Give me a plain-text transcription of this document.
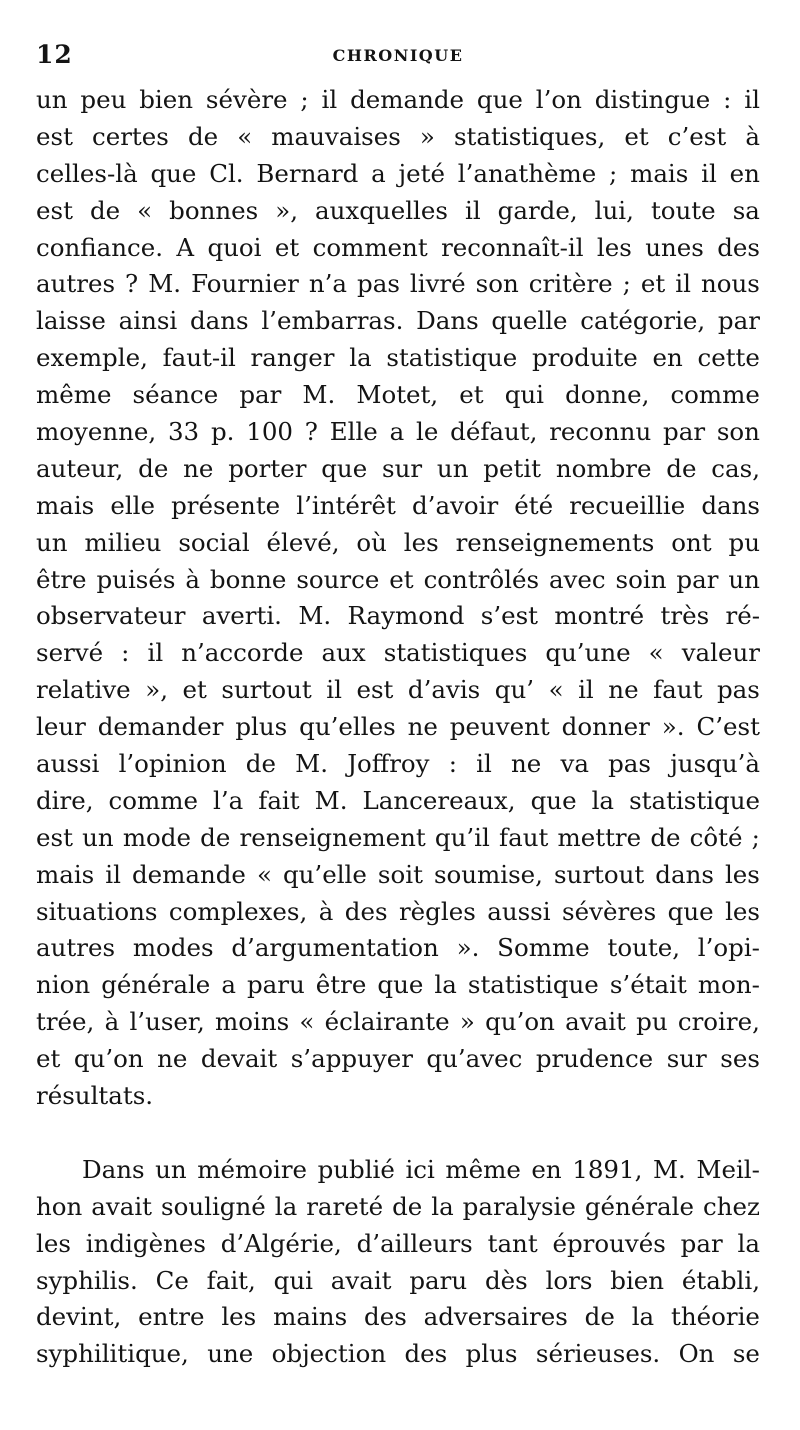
12	CHRONIQUE
un peu bien sévère ; il demande que l’on distingue : il
est certes de « mauvaises » statistiques, et c’est à
celles-là que Cl. Bernard a jeté l’anathème ; mais il en
est de « bonnes », auxquelles il garde, lui, toute sa
confiance. A quoi et comment reconnaît-il les unes des
autres ? M. Fournier n’a pas livré son critère ; et il nous
laisse ainsi dans l’embarras. Dans quelle catégorie, par
exemple, faut-il ranger la statistique produite en cette
même séance par M. Motet, et qui donne, comme
moyenne, 33 p. 100 ? Elle a le défaut, reconnu par son
auteur, de ne porter que sur un petit nombre de cas,
mais elle présente l’intérêt d’avoir été recueillie dans
un milieu social élevé, où les renseignements ont pu
être puisés à bonne source et contrôlés avec soin par un
observateur averti. M. Raymond s’est montré très ré-
servé : il n’accorde aux statistiques qu’une « valeur
relative », et surtout il est d’avis qu’ « il ne faut pas
leur demander plus qu’elles ne peuvent donner ». C’est
aussi l’opinion de M. Joffroy : il ne va pas jusqu’à
dire, comme l’a fait M. Lancereaux, que la statistique
est un mode de renseignement qu’il faut mettre de côté ;
mais il demande « qu’elle soit soumise, surtout dans les
situations complexes, à des règles aussi sévères que les
autres modes d’argumentation ». Somme toute, l’opi-
nion générale a paru être que la statistique s’était mon-
trée, à l’user, moins « éclairante » qu’on avait pu croire,
et qu’on ne devait s’appuyer qu’avec prudence sur ses
résultats.
Dans un mémoire publié ici même en 1891, M. Meil-
hon avait souligné la rareté de la paralysie générale chez
les indigènes d’Algérie, d’ailleurs tant éprouvés par la
syphilis. Ce fait, qui avait paru dès lors bien établi,
devint, entre les mains des adversaires de la théorie
syphilitique, une objection des plus sérieuses. On se
